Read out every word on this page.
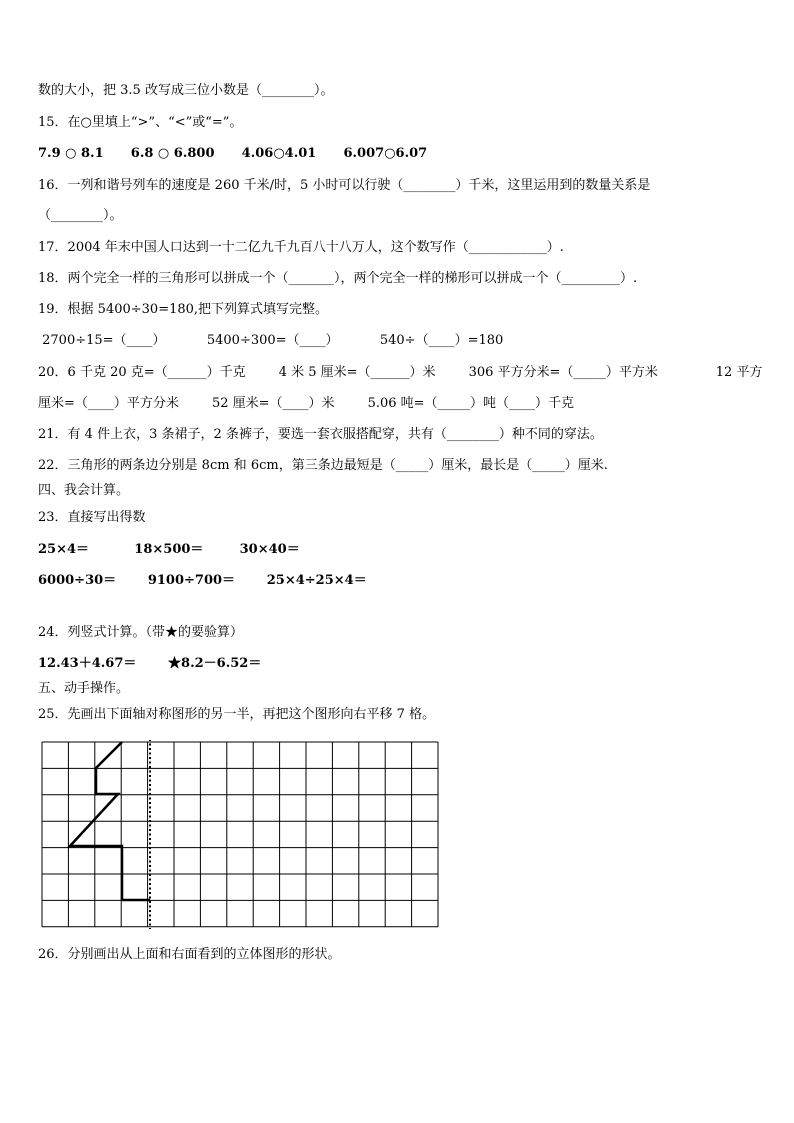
数的大小，把 3.5 改写成三位小数是（________）。
15．在○里填上“>”、“<”或“=”。
7.9 ○ 8.1      6.8 ○ 6.800      4.06○4.01      6.007○6.07
16．一列和谐号列车的速度是 260 千米/时，5 小时可以行驶（________）千米，这里运用到的数量关系是
（________）。
17．2004 年末中国人口达到一十二亿九千九百八十八万人，这个数写作（____________）.
18．两个完全一样的三角形可以拼成一个（_______），两个完全一样的梯形可以拼成一个（_________）.
19．根据 5400÷30=180,把下列算式填写完整。
2700÷15=（____）          5400÷300=（____）          540÷（____）=180
20．6 千克 20 克=（______）千克        4 米 5 厘米=（______）米        306 平方分米=（_____）平方米              12 平方
厘米=（____）平方分米        52 厘米=（____）米        5.06 吨=（_____）吨（____）千克
21．有 4 件上衣，3 条裙子，2 条裤子，要选一套衣服搭配穿，共有（________）种不同的穿法。
22．三角形的两条边分别是 8cm 和 6cm，第三条边最短是（_____）厘米，最长是（_____）厘米.
四、我会计算。
23．直接写出得数
25×4＝          18×500＝        30×40＝
6000÷30＝       9100÷700＝       25×4÷25×4＝
24．列竖式计算。（带★的要验算）
12.43＋4.67＝       ★8.2－6.52＝
五、动手操作。
25．先画出下面轴对称图形的另一半，再把这个图形向右平移 7 格。
26．分别画出从上面和右面看到的立体图形的形状。
